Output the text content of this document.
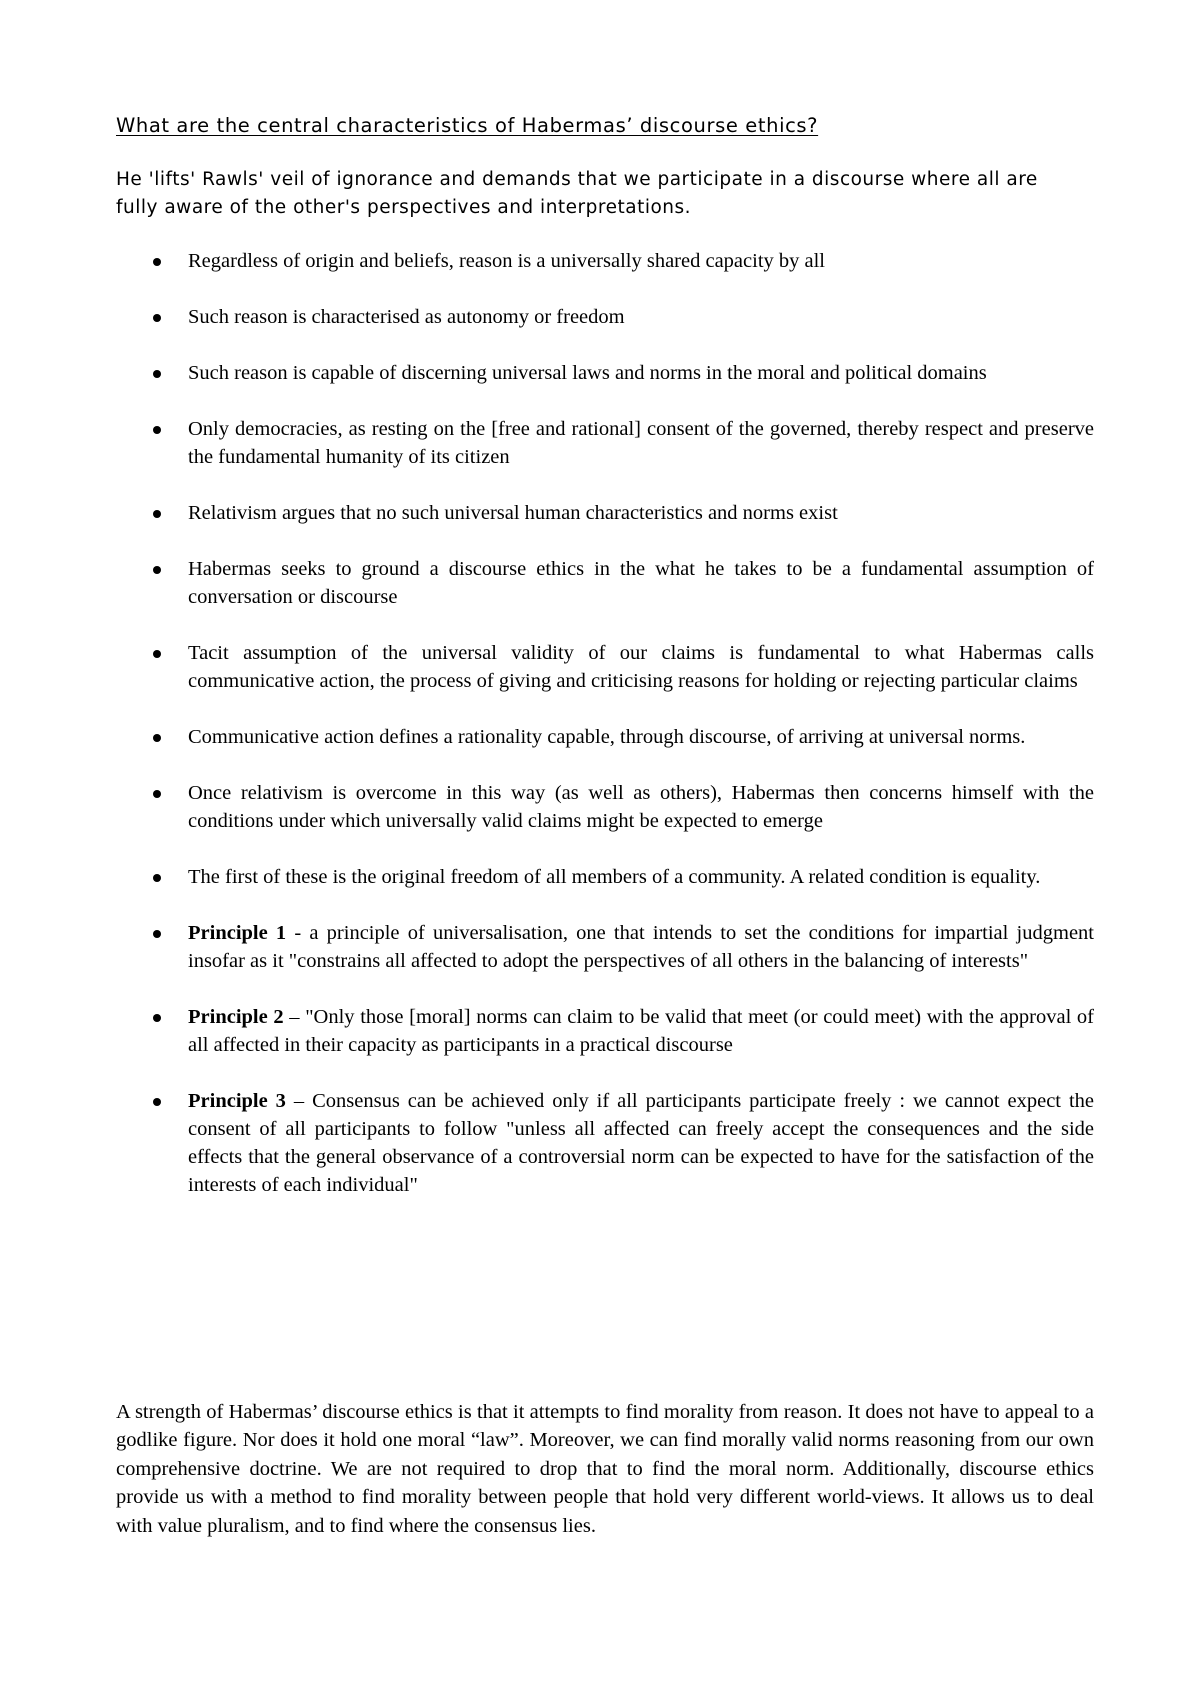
What are the central characteristics of Habermas’ discourse ethics?
He 'lifts' Rawls' veil of ignorance and demands that we participate in a discourse where all are fully aware of the other's perspectives and interpretations.
Regardless of origin and beliefs, reason is a universally shared capacity by all
Such reason is characterised as autonomy or freedom
Such reason is capable of discerning universal laws and norms in the moral and political domains
Only democracies, as resting on the [free and rational] consent of the governed, thereby respect and preserve the fundamental humanity of its citizen
Relativism argues that no such universal human characteristics and norms exist
Habermas seeks to ground a discourse ethics in the what he takes to be a fundamental assumption of conversation or discourse
Tacit assumption of the universal validity of our claims is fundamental to what Habermas calls communicative action, the process of giving and criticising reasons for holding or rejecting particular claims
Communicative action defines a rationality capable, through discourse, of arriving at universal norms.
Once relativism is overcome in this way (as well as others), Habermas then concerns himself with the conditions under which universally valid claims might be expected to emerge
The first of these is the original freedom of all members of a community. A related condition is equality.
Principle 1 - a principle of universalisation, one that intends to set the conditions for impartial judgment insofar as it "constrains all affected to adopt the perspectives of all others in the balancing of interests"
Principle 2 – "Only those [moral] norms can claim to be valid that meet (or could meet) with the approval of all affected in their capacity as participants in a practical discourse
Principle 3 – Consensus can be achieved only if all participants participate freely : we cannot expect the consent of all participants to follow "unless all affected can freely accept the consequences and the side effects that the general observance of a controversial norm can be expected to have for the satisfaction of the interests of each individual"
A strength of Habermas’ discourse ethics is that it attempts to find morality from reason. It does not have to appeal to a godlike figure. Nor does it hold one moral “law”. Moreover, we can find morally valid norms reasoning from our own comprehensive doctrine. We are not required to drop that to find the moral norm. Additionally, discourse ethics provide us with a method to find morality between people that hold very different world-views. It allows us to deal with value pluralism, and to find where the consensus lies.
